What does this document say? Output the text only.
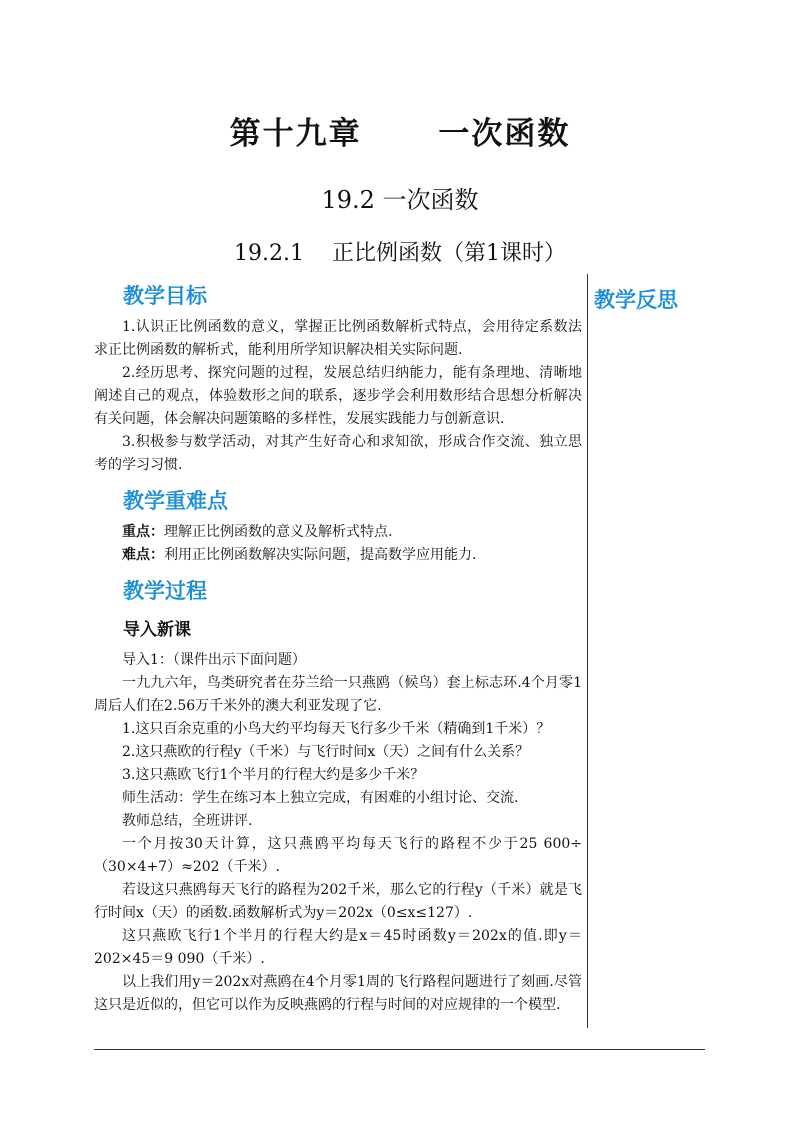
第十九章      一次函数
19.2 一次函数
19.2.1    正比例函数（第1课时）
教学反思
教学目标

1.认识正比例函数的意义，掌握正比例函数解析式特点，会用待定系数法求正比例函数的解析式，能利用所学知识解决相关实际问题.

2.经历思考、探究问题的过程，发展总结归纳能力，能有条理地、清晰地阐述自己的观点，体验数形之间的联系，逐步学会利用数形结合思想分析解决有关问题，体会解决问题策略的多样性，发展实践能力与创新意识.

3.积极参与数学活动，对其产生好奇心和求知欲，形成合作交流、独立思考的学习习惯.

教学重难点

重点：理解正比例函数的意义及解析式特点.

难点：利用正比例函数解决实际问题，提高数学应用能力.

教学过程
导入新课

导入1：（课件出示下面问题）

一九九六年，鸟类研究者在芬兰给一只燕鸥（候鸟）套上标志环.4个月零1周后人们在2.56万千米外的澳大利亚发现了它.

1.这只百余克重的小鸟大约平均每天飞行多少千米（精确到1千米）？

2.这只燕欧的行程y（千米）与飞行时间x（天）之间有什么关系？

3.这只燕欧飞行1个半月的行程大约是多少千米？

师生活动：学生在练习本上独立完成，有困难的小组讨论、交流.

教师总结，全班讲评.

一个月按30天计算，这只燕鸥平均每天飞行的路程不少于25 600÷（30×4+7）≈202（千米）.

若设这只燕鸥每天飞行的路程为202千米，那么它的行程y（千米）就是飞行时间x（天）的函数.函数解析式为y＝202x（0≤x≤127）.

这只燕欧飞行1个半月的行程大约是x＝45时函数y＝202x的值.即y＝202×45＝9 090（千米）.

以上我们用y＝202x对燕鸥在4个月零1周的飞行路程问题进行了刻画.尽管这只是近似的，但它可以作为反映燕鸥的行程与时间的对应规律的一个模型.
